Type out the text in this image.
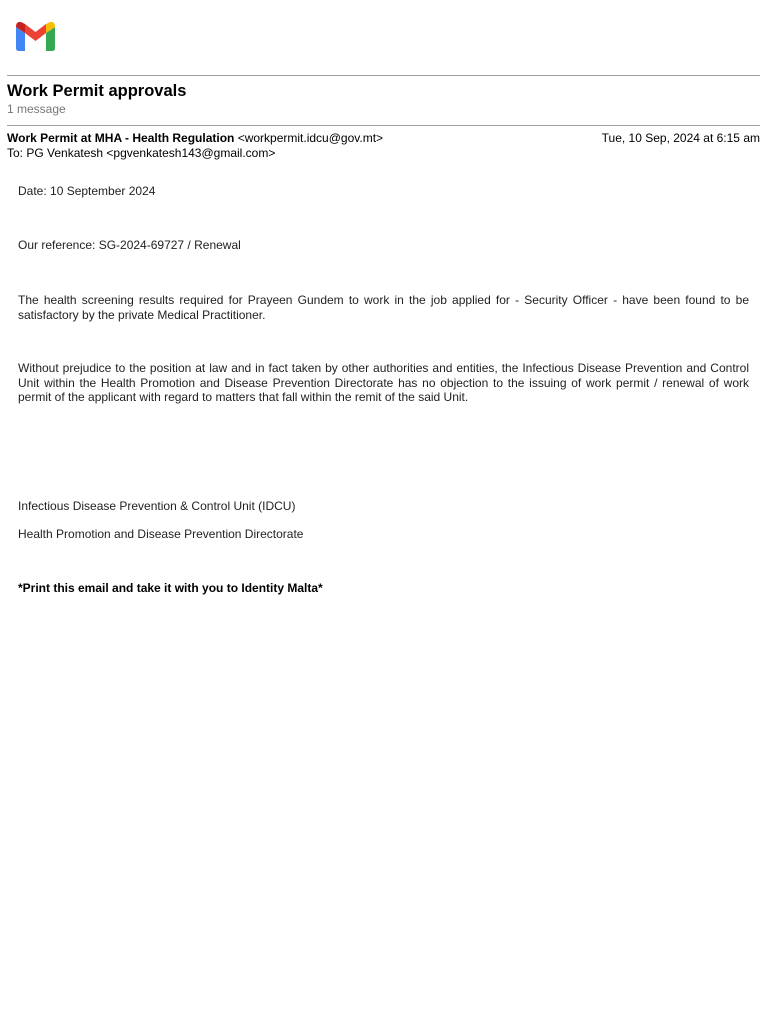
Work Permit approvals
1 message
Work Permit at MHA - Health Regulation <workpermit.idcu@gov.mt>	Tue, 10 Sep, 2024 at 6:15 am
To: PG Venkatesh <pgvenkatesh143@gmail.com>
Date: 10 September 2024
Our reference: SG-2024-69727 / Renewal
The health screening results required for Prayeen Gundem to work in the job applied for - Security Officer - have been found to be satisfactory by the private Medical Practitioner.
Without prejudice to the position at law and in fact taken by other authorities and entities, the Infectious Disease Prevention and Control Unit within the Health Promotion and Disease Prevention Directorate has no objection to the issuing of work permit / renewal of work permit of the applicant with regard to matters that fall within the remit of the said Unit.
Infectious Disease Prevention & Control Unit (IDCU)
Health Promotion and Disease Prevention Directorate
*Print this email and take it with you to Identity Malta*
